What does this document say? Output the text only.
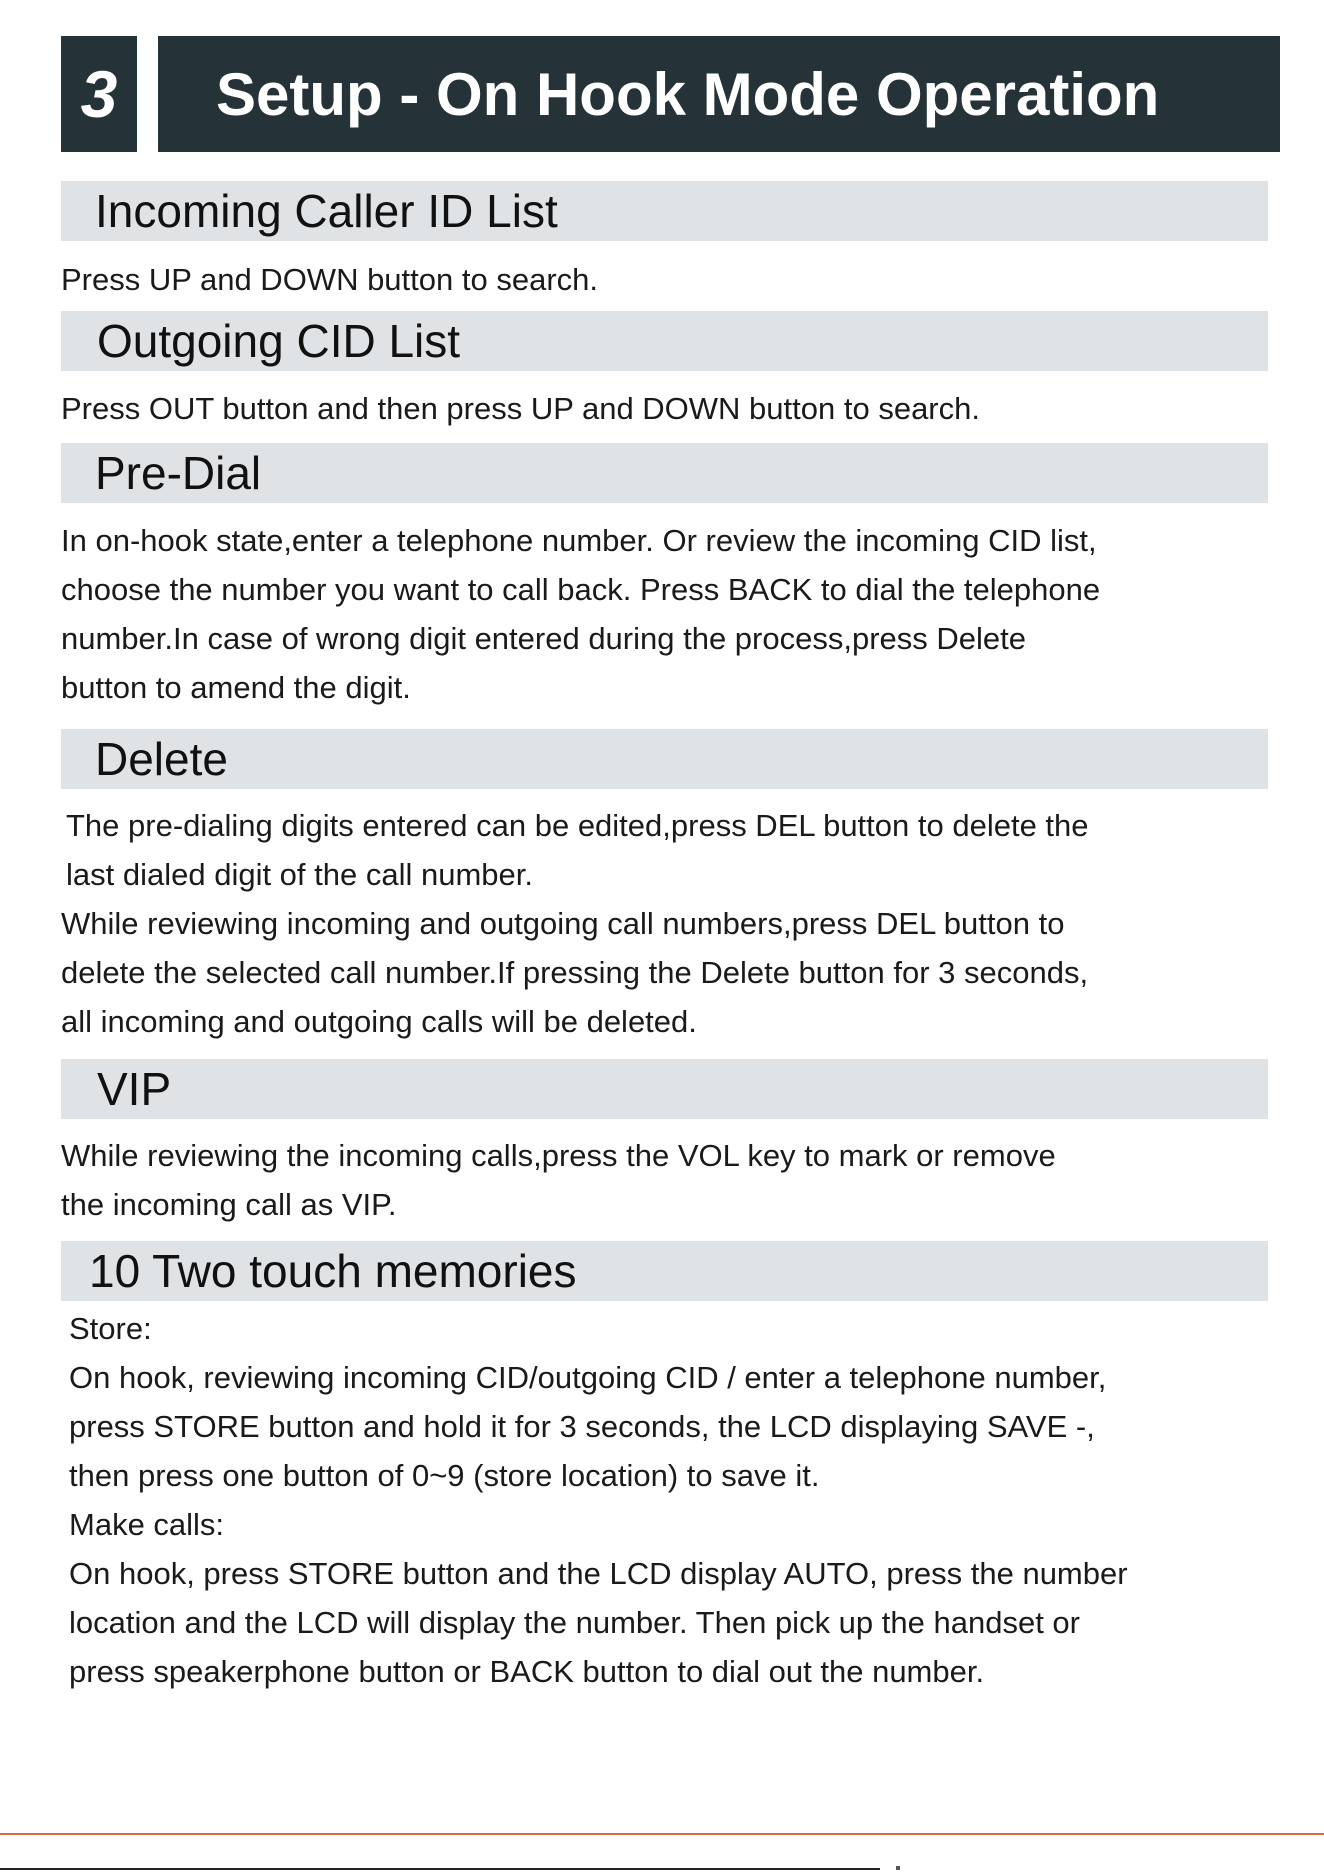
3	Setup - On Hook Mode Operation
Incoming Caller ID List
Press UP and DOWN button to search.
Outgoing CID List
Press OUT button and then press UP and DOWN button to search.
Pre-Dial
In on-hook state,enter a telephone number. Or review the incoming CID list,
choose the number you want to call back. Press BACK to dial the telephone
number.In case of wrong digit entered during the process,press Delete
button to amend the digit.
Delete
The pre-dialing digits entered can be edited,press DEL button to delete the
last dialed digit of the call number.
While reviewing incoming and outgoing call numbers,press DEL button to
delete the selected call number.If pressing the Delete button for 3 seconds,
all incoming and outgoing calls will be deleted.
VIP
While reviewing the incoming calls,press the VOL key to mark or remove
the incoming call as VIP.
10 Two touch memories
Store:
On hook, reviewing incoming CID/outgoing CID / enter a telephone number,
press STORE button and hold it for 3 seconds, the LCD displaying SAVE -,
then press one button of 0~9 (store location) to save it.
Make calls:
On hook, press STORE button and the LCD display AUTO, press the number
location and the LCD will display the number. Then pick up the handset or
press speakerphone button or BACK button to dial out the number.
